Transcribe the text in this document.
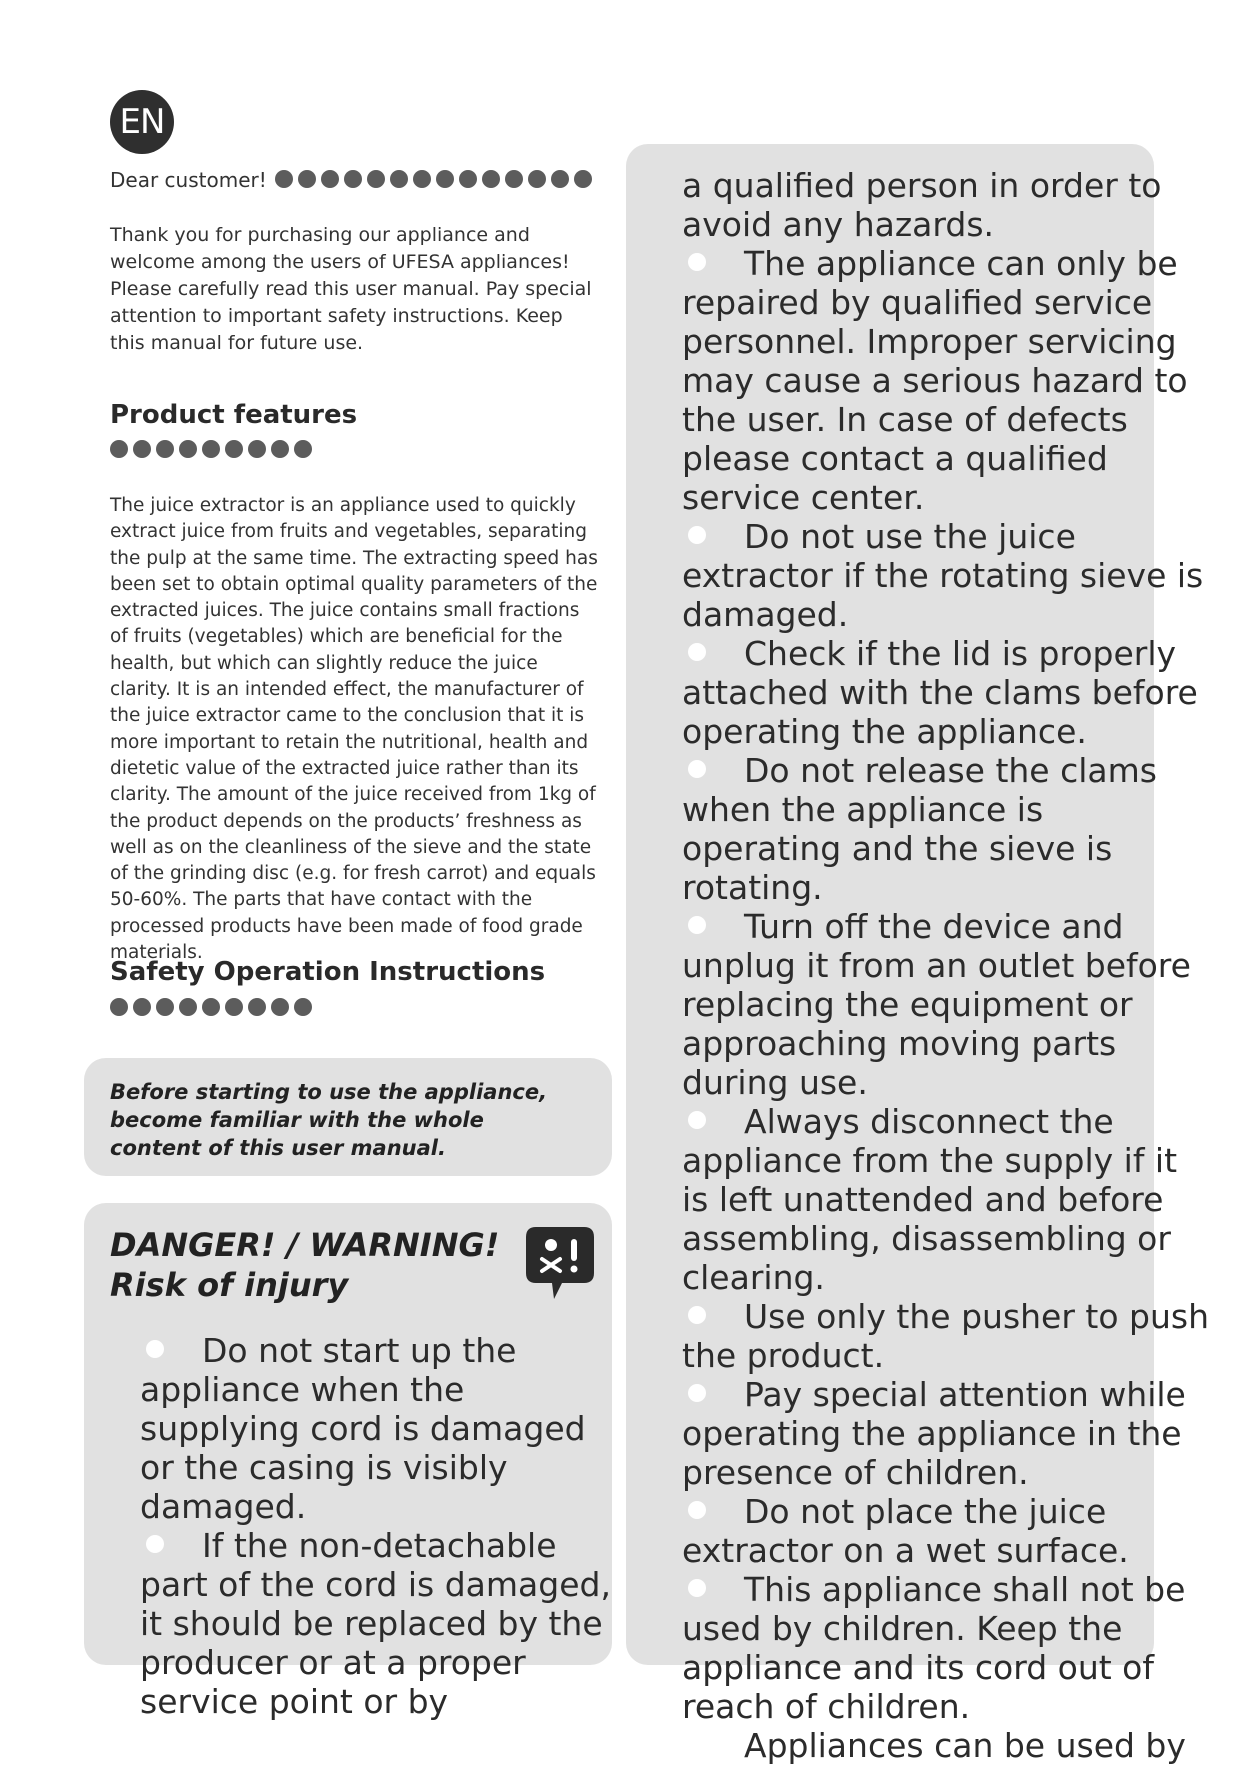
EN
Dear customer!
Thank you for purchasing our appliance and welcome among the users of UFESA appliances! Please carefully read this user manual. Pay special attention to important safety instructions. Keep this manual for future use.
Product features
The juice extractor is an appliance used to quickly extract juice from fruits and vegetables, separating the pulp at the same time. The extracting speed has been set to obtain optimal quality parameters of the extracted juices. The juice contains small fractions of fruits (vegetables) which are beneficial for the health, but which can slightly reduce the juice clarity. It is an intended effect, the manufacturer of the juice extractor came to the conclusion that it is more important to retain the nutritional, health and dietetic value of the extracted juice rather than its clarity. The amount of the juice received from 1kg of the product depends on the products’ freshness as well as on the cleanliness of the sieve and the state of the grinding disc (e.g. for fresh carrot) and equals 50-60%. The parts that have contact with the processed products have been made of food grade materials.
Safety Operation Instructions
Before starting to use the appliance, become familiar with the whole content of this user manual.
DANGER! / WARNING!
Risk of injury
Do not start up the appliance when the supplying cord is damaged or the casing is visibly damaged.
If the non-detachable part of the cord is damaged, it should be replaced by the producer or at a proper service point or by
a qualified person in order to avoid any hazards.
The appliance can only be repaired by qualified service personnel. Improper servicing may cause a serious hazard to the user. In case of defects please contact a qualified service center.
Do not use the juice extractor if the rotating sieve is damaged.
Check if the lid is properly attached with the clams before operating the appliance.
Do not release the clams when the appliance is operating and the sieve is rotating.
Turn off the device and unplug it from an outlet before replacing the equipment or approaching moving parts during use.
Always disconnect the appliance from the supply if it is left unattended and before assembling, disassembling or clearing.
Use only the pusher to push the product.
Pay special attention while operating the appliance in the presence of children.
Do not place the juice extractor on a wet surface.
This appliance shall not be used by children. Keep the appliance and its cord out of reach of children.
Appliances can be used by
